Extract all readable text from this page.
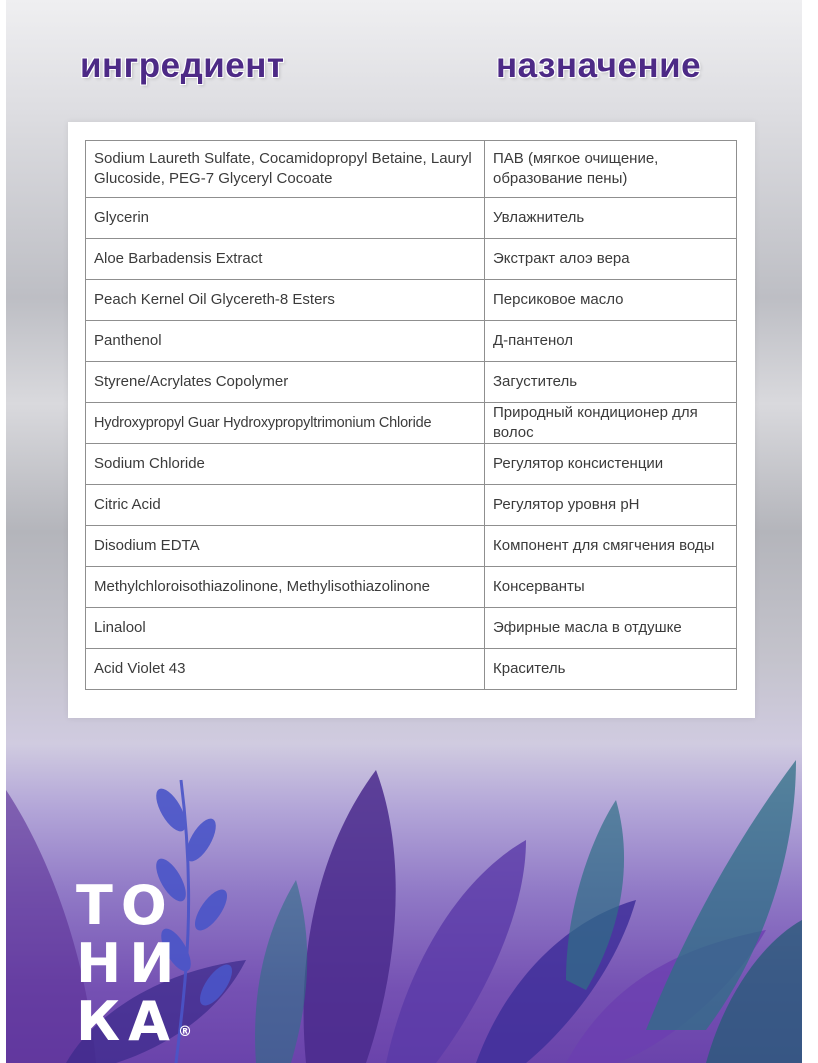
ингредиент	назначение
Sodium Laureth Sulfate, Cocamidopropyl Betaine, Lauryl Glucoside, PEG-7 Glyceryl Cocoate	ПАВ (мягкое очищение, образование пены)
Glycerin	Увлажнитель
Aloe Barbadensis Extract	Экстракт алоэ вера
Peach Kernel Oil Glycereth-8 Esters	Персиковое масло
Panthenol	Д-пантенол
Styrene/Acrylates Copolymer	Загуститель
Hydroxypropyl Guar Hydroxypropyltrimonium Chloride	Природный кондиционер для волос
Sodium Chloride	Регулятор консистенции
Citric Acid	Регулятор уровня pH
Disodium EDTA	Компонент для смягчения воды
Methylchloroisothiazolinone, Methylisothiazolinone	Консерванты
Linalool	Эфирные масла в отдушке
Acid Violet 43	Краситель
ТО
НИ
КА®
